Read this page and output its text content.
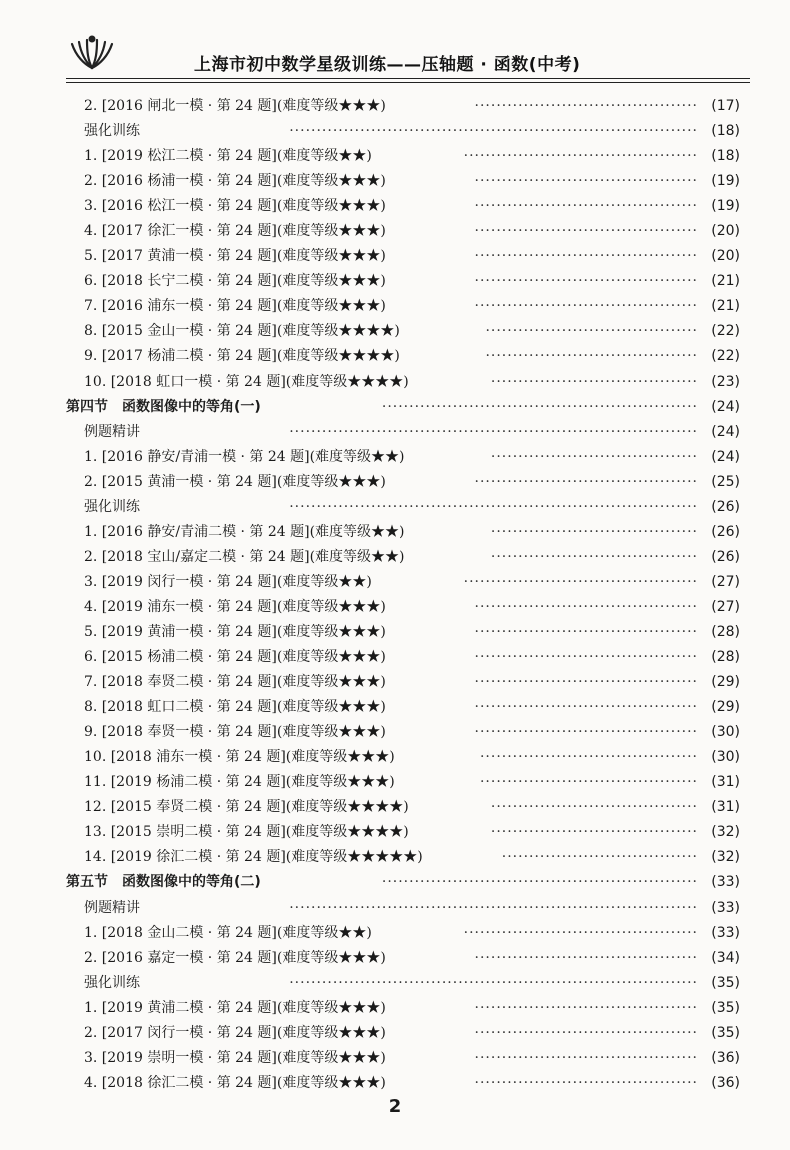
上海市初中数学星级训练——压轴题 · 函数(中考)
2. [2016 闸北一模 · 第 24 题](难度等级★★★)	········································· (17)
强化训练	··········································································· (18)
1. [2019 松江二模 · 第 24 题](难度等级★★)	··········································· (18)
2. [2016 杨浦一模 · 第 24 题](难度等级★★★)	········································· (19)
3. [2016 松江一模 · 第 24 题](难度等级★★★)	········································· (19)
4. [2017 徐汇一模 · 第 24 题](难度等级★★★)	········································· (20)
5. [2017 黄浦一模 · 第 24 题](难度等级★★★)	········································· (20)
6. [2018 长宁二模 · 第 24 题](难度等级★★★)	········································· (21)
7. [2016 浦东一模 · 第 24 题](难度等级★★★)	········································· (21)
8. [2015 金山一模 · 第 24 题](难度等级★★★★)	······································· (22)
9. [2017 杨浦二模 · 第 24 题](难度等级★★★★)	······································· (22)
10. [2018 虹口一模 · 第 24 题](难度等级★★★★)	······································ (23)
第四节　函数图像中的等角(一)	·························································· (24)
例题精讲	··········································································· (24)
1. [2016 静安/青浦一模 · 第 24 题](难度等级★★)	······································ (24)
2. [2015 黄浦一模 · 第 24 题](难度等级★★★)	········································· (25)
强化训练	··········································································· (26)
1. [2016 静安/青浦二模 · 第 24 题](难度等级★★)	······································ (26)
2. [2018 宝山/嘉定二模 · 第 24 题](难度等级★★)	······································ (26)
3. [2019 闵行一模 · 第 24 题](难度等级★★)	··········································· (27)
4. [2019 浦东一模 · 第 24 题](难度等级★★★)	········································· (27)
5. [2019 黄浦一模 · 第 24 题](难度等级★★★)	········································· (28)
6. [2015 杨浦二模 · 第 24 题](难度等级★★★)	········································· (28)
7. [2018 奉贤二模 · 第 24 题](难度等级★★★)	········································· (29)
8. [2018 虹口二模 · 第 24 题](难度等级★★★)	········································· (29)
9. [2018 奉贤一模 · 第 24 题](难度等级★★★)	········································· (30)
10. [2018 浦东一模 · 第 24 题](难度等级★★★)	········································ (30)
11. [2019 杨浦二模 · 第 24 题](难度等级★★★)	········································ (31)
12. [2015 奉贤二模 · 第 24 题](难度等级★★★★)	······································ (31)
13. [2015 崇明二模 · 第 24 题](难度等级★★★★)	······································ (32)
14. [2019 徐汇二模 · 第 24 题](难度等级★★★★★)	···································· (32)
第五节　函数图像中的等角(二)	·························································· (33)
例题精讲	··········································································· (33)
1. [2018 金山二模 · 第 24 题](难度等级★★)	··········································· (33)
2. [2016 嘉定一模 · 第 24 题](难度等级★★★)	········································· (34)
强化训练	··········································································· (35)
1. [2019 黄浦二模 · 第 24 题](难度等级★★★)	········································· (35)
2. [2017 闵行一模 · 第 24 题](难度等级★★★)	········································· (35)
3. [2019 崇明一模 · 第 24 题](难度等级★★★)	········································· (36)
4. [2018 徐汇二模 · 第 24 题](难度等级★★★)	········································· (36)
2
